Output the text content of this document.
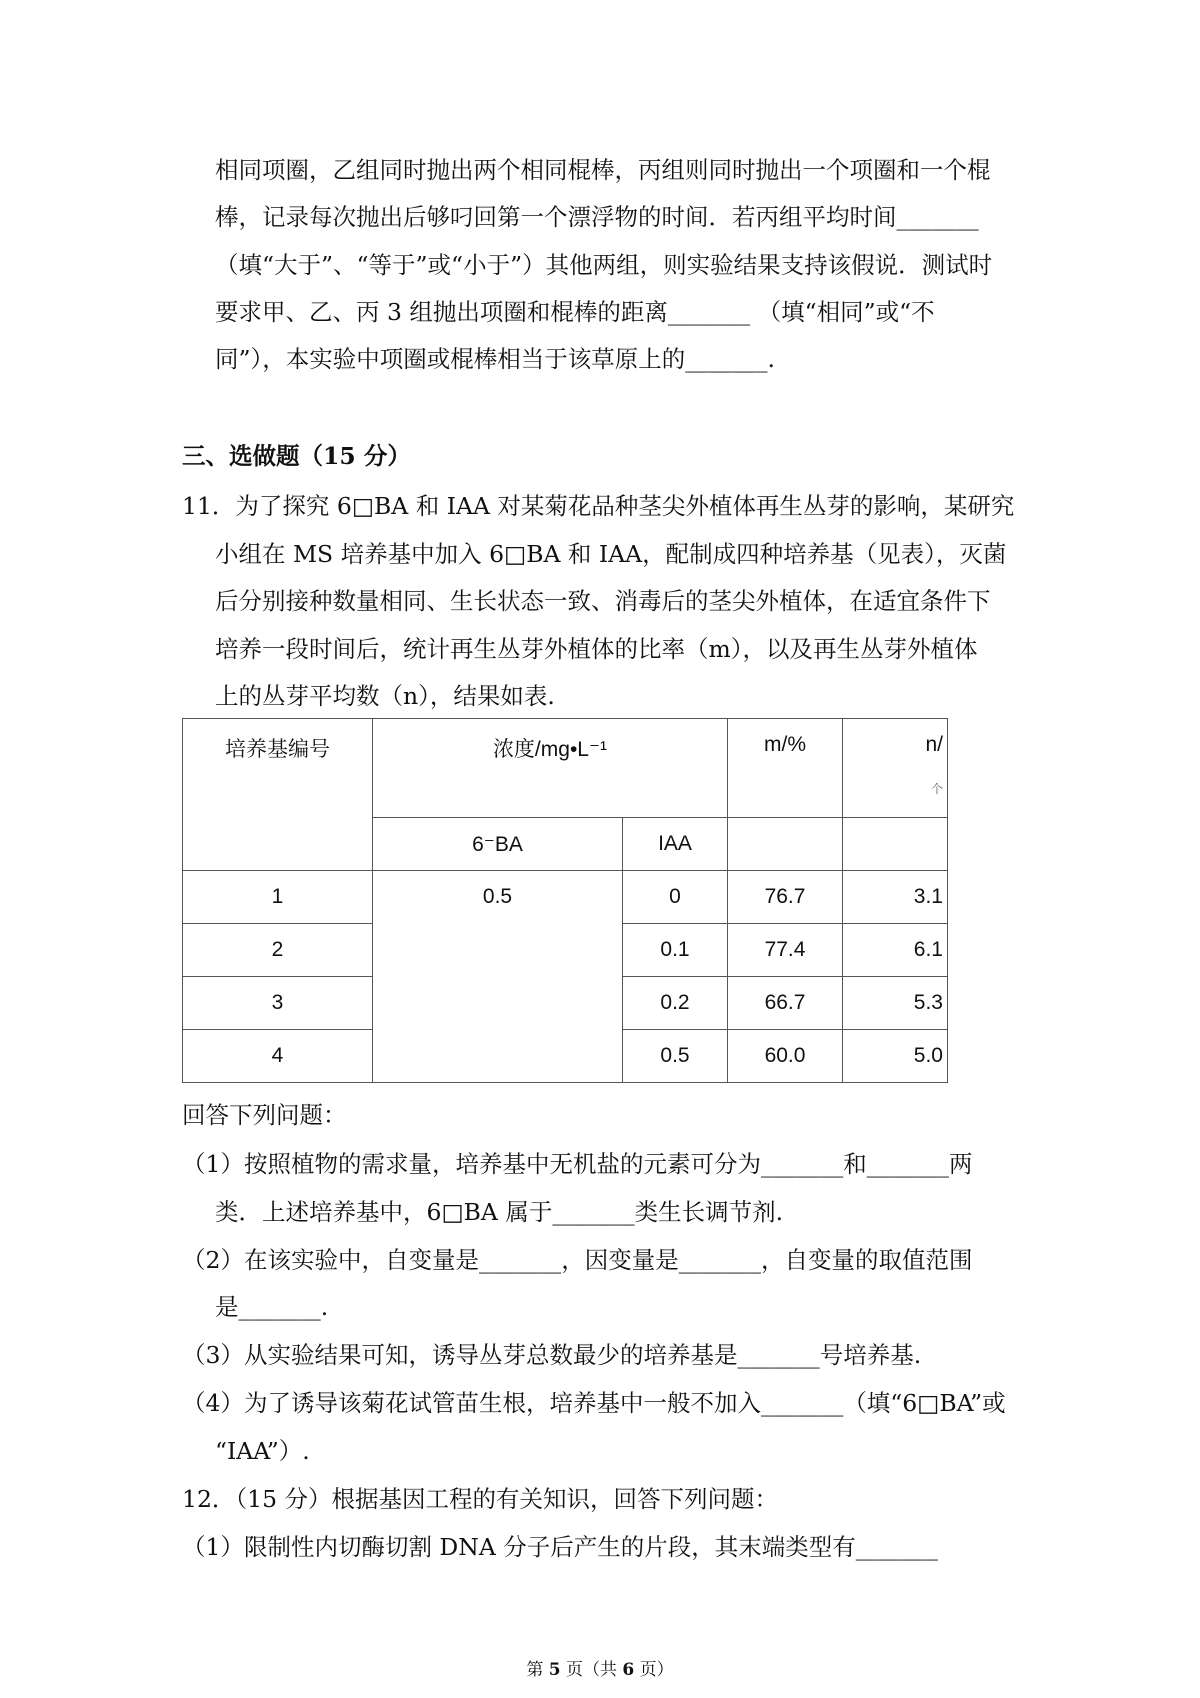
相同项圈，乙组同时抛出两个相同棍棒，丙组则同时抛出一个项圈和一个棍
棒，记录每次抛出后够叼回第一个漂浮物的时间．若丙组平均时间_______
（填“大于”、“等于”或“小于”）其他两组，则实验结果支持该假说．测试时
要求甲、乙、丙 3 组抛出项圈和棍棒的距离_______ （填“相同”或“不
同”），本实验中项圈或棍棒相当于该草原上的_______.
三、选做题（15 分）
11．为了探究 6□BA 和 IAA 对某菊花品种茎尖外植体再生丛芽的影响，某研究
小组在 MS 培养基中加入 6□BA 和 IAA，配制成四种培养基（见表），灭菌
后分别接种数量相同、生长状态一致、消毒后的茎尖外植体，在适宜条件下
培养一段时间后，统计再生丛芽外植体的比率（m），以及再生丛芽外植体
上的丛芽平均数（n），结果如表.
培养基编号	浓度/mg•L⁻¹		m/%	n/
个

	6⁻BA	IAA		
1	0.5	0	76.7	3.1
2		0.1	77.4	6.1
3		0.2	66.7	5.3
4		0.5	60.0	5.0
回答下列问题：
（1）按照植物的需求量，培养基中无机盐的元素可分为_______和_______两
类．上述培养基中，6□BA 属于_______类生长调节剂.
（2）在该实验中，自变量是_______，因变量是_______，自变量的取值范围
是_______.
（3）从实验结果可知，诱导丛芽总数最少的培养基是_______号培养基.
（4）为了诱导该菊花试管苗生根，培养基中一般不加入_______（填“6□BA”或
“IAA”）.
12．（15 分）根据基因工程的有关知识，回答下列问题：
（1）限制性内切酶切割 DNA 分子后产生的片段，其末端类型有_______
第 5 页（共 6 页）
